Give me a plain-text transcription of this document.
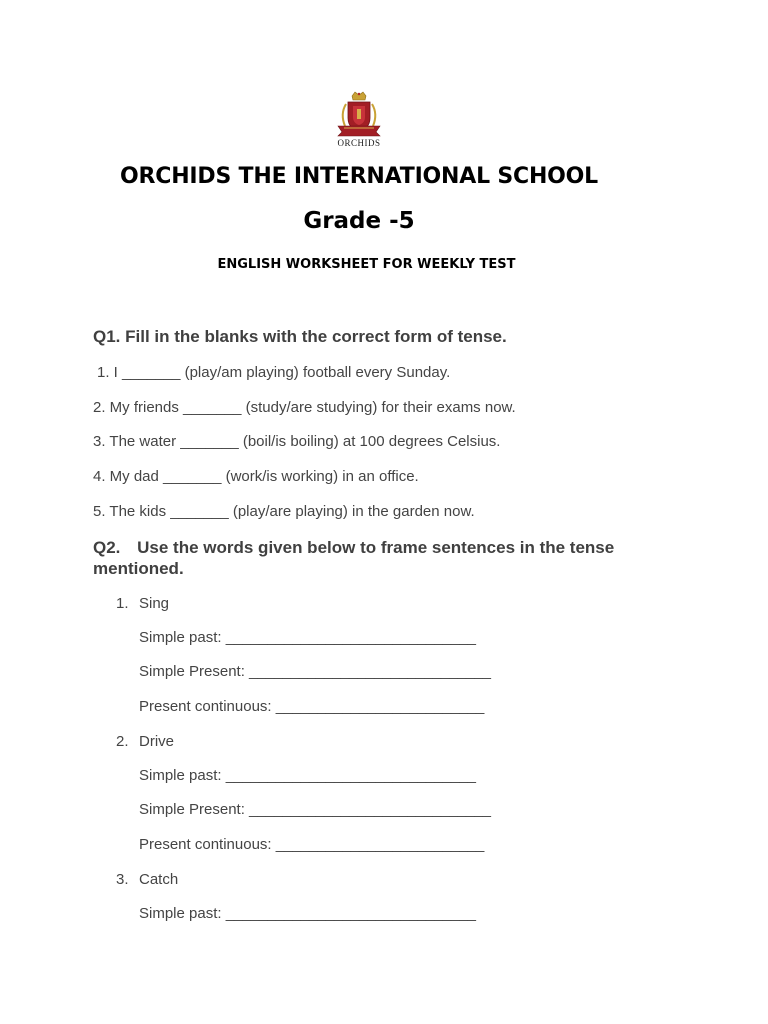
ORCHIDS
ORCHIDS THE INTERNATIONAL SCHOOL
Grade -5
ENGLISH WORKSHEET FOR WEEKLY TEST
Q1. Fill in the blanks with the correct form of tense.
1. I _______ (play/am playing) football every Sunday.
2. My friends _______ (study/are studying) for their exams now.
3. The water _______ (boil/is boiling) at 100 degrees Celsius.
4. My dad _______ (work/is working) in an office.
5. The kids _______ (play/are playing) in the garden now.
Q2. Use the words given below to frame sentences in the tense mentioned.
1. Sing
Simple past: ______________________________
Simple Present: _____________________________
Present continuous: _________________________
2. Drive
Simple past: ______________________________
Simple Present: _____________________________
Present continuous: _________________________
3. Catch
Simple past: ______________________________
